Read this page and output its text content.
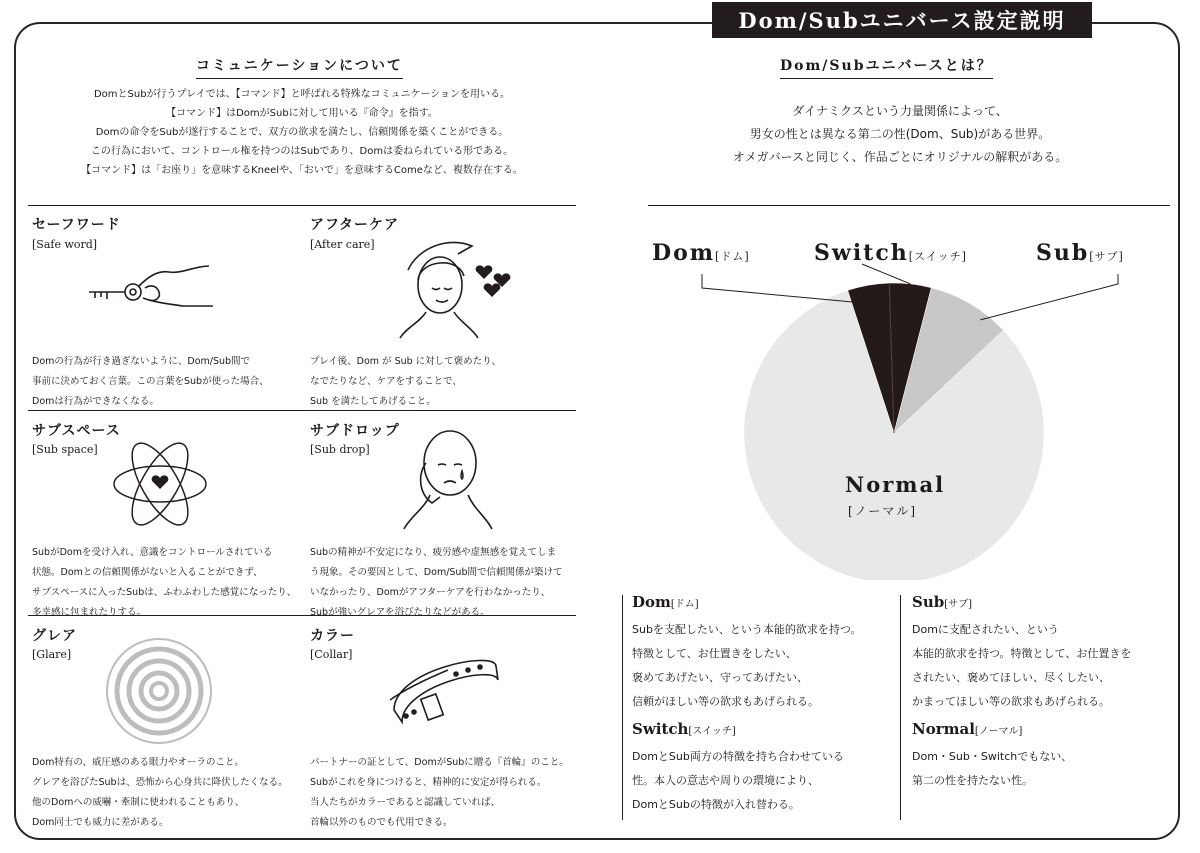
Dom/Subユニバース設定説明
コミュニケーションについて
DomとSubが行うプレイでは、【コマンド】と呼ばれる特殊なコミュニケーションを用いる。
【コマンド】はDomがSubに対して用いる『命令』を指す。
Domの命令をSubが遂行することで、双方の欲求を満たし、信頼関係を築くことができる。
この行為において、コントロール権を持つのはSubであり、Domは委ねられている形である。
【コマンド】は「お座り」を意味するKneelや、「おいで」を意味するComeなど、複数存在する。
セーフワード
[Safe word]
Domの行為が行き過ぎないように、Dom/Sub間で
事前に決めておく言葉。この言葉をSubが使った場合、
Domは行為ができなくなる。
アフターケア
[After care]
プレイ後、Dom が Sub に対して褒めたり、
なでたりなど、ケアをすることで、
Sub を満たしてあげること。
サブスペース
[Sub space]
SubがDomを受け入れ、意識をコントロールされている
状態。Domとの信頼関係がないと入ることができず、
サブスペースに入ったSubは、ふわふわした感覚になったり、
多幸感に包まれたりする。
サブドロップ
[Sub drop]
Subの精神が不安定になり、疲労感や虚無感を覚えてしま
う現象。その要因として、Dom/Sub間で信頼関係が築けて
いなかったり、Domがアフターケアを行わなかったり、
Subが強いグレアを浴びたりなどがある。
グレア
[Glare]
Dom特有の、威圧感のある眼力やオーラのこと。
グレアを浴びたSubは、恐怖から心身共に降伏したくなる。
他のDomへの威嚇・牽制に使われることもあり、
Dom同士でも威力に差がある。
カラー
[Collar]
パートナーの証として、DomがSubに贈る『首輪』のこと。
Subがこれを身につけると、精神的に安定が得られる。
当人たちがカラーであると認識していれば、
首輪以外のものでも代用できる。
Dom/Subユニバースとは？
ダイナミクスという力量関係によって、
男女の性とは異なる第二の性(Dom、Sub)がある世界。
オメガバースと同じく、作品ごとにオリジナルの解釈がある。
Dom[ドム]	Switch[スイッチ]	Sub[サブ]
Normal
[ノーマル]
Dom[ドム]
Subを支配したい、という本能的欲求を持つ。
特徴として、お仕置きをしたい、
褒めてあげたい、守ってあげたい、
信頼がほしい等の欲求もあげられる。
Sub[サブ]
Domに支配されたい、という
本能的欲求を持つ。特徴として、お仕置きを
されたい、褒めてほしい、尽くしたい、
かまってほしい等の欲求もあげられる。
Switch[スイッチ]
DomとSub両方の特徴を持ち合わせている
性。本人の意志や周りの環境により、
DomとSubの特徴が入れ替わる。
Normal[ノーマル]
Dom・Sub・Switchでもない、
第二の性を持たない性。
